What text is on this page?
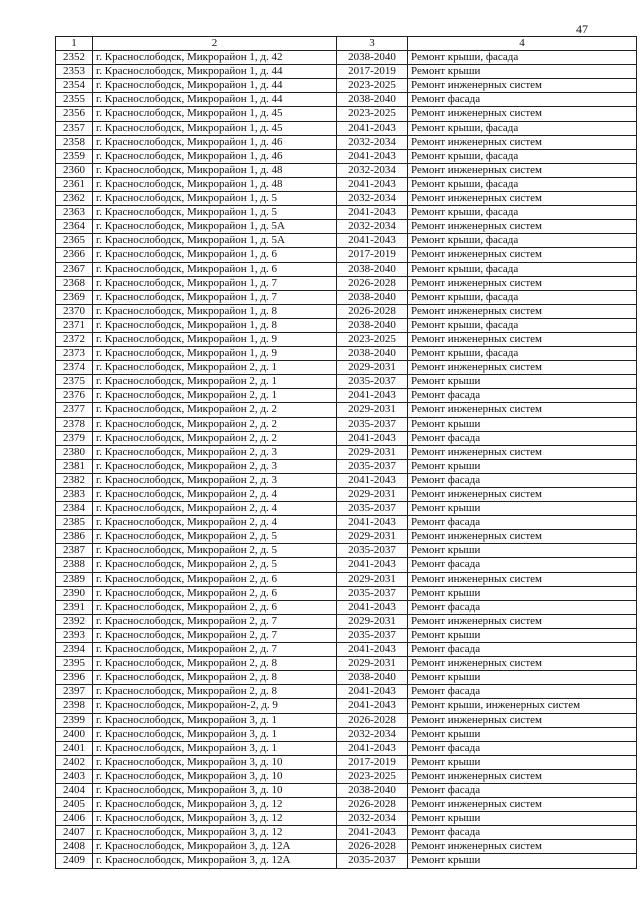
47
1	2	3	4
2352	г. Краснослободск, Микрорайон 1, д. 42	2038-2040	Ремонт крыши, фасада
2353	г. Краснослободск, Микрорайон 1, д. 44	2017-2019	Ремонт крыши
2354	г. Краснослободск, Микрорайон 1, д. 44	2023-2025	Ремонт инженерных систем
2355	г. Краснослободск, Микрорайон 1, д. 44	2038-2040	Ремонт фасада
2356	г. Краснослободск, Микрорайон 1, д. 45	2023-2025	Ремонт инженерных систем
2357	г. Краснослободск, Микрорайон 1, д. 45	2041-2043	Ремонт крыши, фасада
2358	г. Краснослободск, Микрорайон 1, д. 46	2032-2034	Ремонт инженерных систем
2359	г. Краснослободск, Микрорайон 1, д. 46	2041-2043	Ремонт крыши, фасада
2360	г. Краснослободск, Микрорайон 1, д. 48	2032-2034	Ремонт инженерных систем
2361	г. Краснослободск, Микрорайон 1, д. 48	2041-2043	Ремонт крыши, фасада
2362	г. Краснослободск, Микрорайон 1, д. 5	2032-2034	Ремонт инженерных систем
2363	г. Краснослободск, Микрорайон 1, д. 5	2041-2043	Ремонт крыши, фасада
2364	г. Краснослободск, Микрорайон 1, д. 5А	2032-2034	Ремонт инженерных систем
2365	г. Краснослободск, Микрорайон 1, д. 5А	2041-2043	Ремонт крыши, фасада
2366	г. Краснослободск, Микрорайон 1, д. 6	2017-2019	Ремонт инженерных систем
2367	г. Краснослободск, Микрорайон 1, д. 6	2038-2040	Ремонт крыши, фасада
2368	г. Краснослободск, Микрорайон 1, д. 7	2026-2028	Ремонт инженерных систем
2369	г. Краснослободск, Микрорайон 1, д. 7	2038-2040	Ремонт крыши, фасада
2370	г. Краснослободск, Микрорайон 1, д. 8	2026-2028	Ремонт инженерных систем
2371	г. Краснослободск, Микрорайон 1, д. 8	2038-2040	Ремонт крыши, фасада
2372	г. Краснослободск, Микрорайон 1, д. 9	2023-2025	Ремонт инженерных систем
2373	г. Краснослободск, Микрорайон 1, д. 9	2038-2040	Ремонт крыши, фасада
2374	г. Краснослободск, Микрорайон 2, д. 1	2029-2031	Ремонт инженерных систем
2375	г. Краснослободск, Микрорайон 2, д. 1	2035-2037	Ремонт крыши
2376	г. Краснослободск, Микрорайон 2, д. 1	2041-2043	Ремонт фасада
2377	г. Краснослободск, Микрорайон 2, д. 2	2029-2031	Ремонт инженерных систем
2378	г. Краснослободск, Микрорайон 2, д. 2	2035-2037	Ремонт крыши
2379	г. Краснослободск, Микрорайон 2, д. 2	2041-2043	Ремонт фасада
2380	г. Краснослободск, Микрорайон 2, д. 3	2029-2031	Ремонт инженерных систем
2381	г. Краснослободск, Микрорайон 2, д. 3	2035-2037	Ремонт крыши
2382	г. Краснослободск, Микрорайон 2, д. 3	2041-2043	Ремонт фасада
2383	г. Краснослободск, Микрорайон 2, д. 4	2029-2031	Ремонт инженерных систем
2384	г. Краснослободск, Микрорайон 2, д. 4	2035-2037	Ремонт крыши
2385	г. Краснослободск, Микрорайон 2, д. 4	2041-2043	Ремонт фасада
2386	г. Краснослободск, Микрорайон 2, д. 5	2029-2031	Ремонт инженерных систем
2387	г. Краснослободск, Микрорайон 2, д. 5	2035-2037	Ремонт крыши
2388	г. Краснослободск, Микрорайон 2, д. 5	2041-2043	Ремонт фасада
2389	г. Краснослободск, Микрорайон 2, д. 6	2029-2031	Ремонт инженерных систем
2390	г. Краснослободск, Микрорайон 2, д. 6	2035-2037	Ремонт крыши
2391	г. Краснослободск, Микрорайон 2, д. 6	2041-2043	Ремонт фасада
2392	г. Краснослободск, Микрорайон 2, д. 7	2029-2031	Ремонт инженерных систем
2393	г. Краснослободск, Микрорайон 2, д. 7	2035-2037	Ремонт крыши
2394	г. Краснослободск, Микрорайон 2, д. 7	2041-2043	Ремонт фасада
2395	г. Краснослободск, Микрорайон 2, д. 8	2029-2031	Ремонт инженерных систем
2396	г. Краснослободск, Микрорайон 2, д. 8	2038-2040	Ремонт крыши
2397	г. Краснослободск, Микрорайон 2, д. 8	2041-2043	Ремонт фасада
2398	г. Краснослободск, Микрорайон-2, д. 9	2041-2043	Ремонт крыши, инженерных систем
2399	г. Краснослободск, Микрорайон 3, д. 1	2026-2028	Ремонт инженерных систем
2400	г. Краснослободск, Микрорайон 3, д. 1	2032-2034	Ремонт крыши
2401	г. Краснослободск, Микрорайон 3, д. 1	2041-2043	Ремонт фасада
2402	г. Краснослободск, Микрорайон 3, д. 10	2017-2019	Ремонт крыши
2403	г. Краснослободск, Микрорайон 3, д. 10	2023-2025	Ремонт инженерных систем
2404	г. Краснослободск, Микрорайон 3, д. 10	2038-2040	Ремонт фасада
2405	г. Краснослободск, Микрорайон 3, д. 12	2026-2028	Ремонт инженерных систем
2406	г. Краснослободск, Микрорайон 3, д. 12	2032-2034	Ремонт крыши
2407	г. Краснослободск, Микрорайон 3, д. 12	2041-2043	Ремонт фасада
2408	г. Краснослободск, Микрорайон 3, д. 12А	2026-2028	Ремонт инженерных систем
2409	г. Краснослободск, Микрорайон 3, д. 12А	2035-2037	Ремонт крыши
